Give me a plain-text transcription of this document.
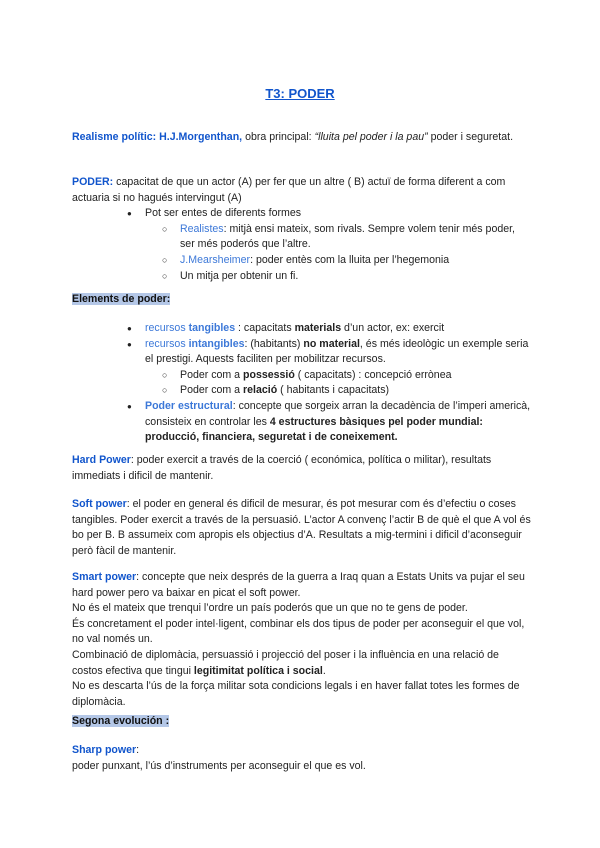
T3: PODER
Realisme polític: H.J.Morgenthan, obra principal: “lluita pel poder i la pau” poder i seguretat.
PODER: capacitat de que un actor (A) per fer que un altre ( B) actuï de forma diferent a com actuaria si no hagués intervingut (A)
● Pot ser entes de diferents formes
○ Realistes: mitjà ensi mateix, som rivals. Sempre volem tenir més poder, ser més poderós que l’altre.
○ J.Mearsheimer: poder entès com la lluita per l’hegemonia
○ Un mitja per obtenir un fi.
Elements de poder:
● recursos tangibles : capacitats materials d’un actor, ex: exercit
● recursos intangibles: (habitants) no material, és més ideològic un exemple seria el prestigi. Aquests faciliten per mobilitzar recursos.
○ Poder com a possessió ( capacitats) : concepció errònea
○ Poder com a relació ( habitants i capacitats)
● Poder estructural: concepte que sorgeix arran la decadència de l’imperi americà, consisteix en controlar les 4 estructures bàsiques pel poder mundial: producció, financiera, seguretat i de coneixement.
Hard Power: poder exercit a través de la coerció ( económica, política o militar), resultats immediats i dificil de mantenir.
Soft power: el poder en general és dificil de mesurar, és pot mesurar com és d’efectiu o coses tangibles. Poder exercit a través de la persuasió. L’actor A convenç l’actir B de què el que A vol és bo per B. B assumeix com apropis els objectius d’A. Resultats a mig-termini i dificil d’aconseguir però fàcil de mantenir.
Smart power: concepte que neix després de la guerra a Iraq quan a Estats Units va pujar el seu hard power pero va baixar en picat el soft power.
No és el mateix que trenqui l’ordre un país poderós que un que no te gens de poder.
És concretament el poder intel·ligent, combinar els dos tipus de poder per aconseguir el que vol, no val només un.
Combinació de diplomàcia, persuassió i projecció del poser i la influència en una relació de costos efectiva que tingui legitimitat política i social.
No es descarta l’ús de la força militar sota condicions legals i en haver fallat totes les formes de diplomàcia.
Segona evolución :
Sharp power:
poder punxant, l’ús d’instruments per aconseguir el que es vol.
